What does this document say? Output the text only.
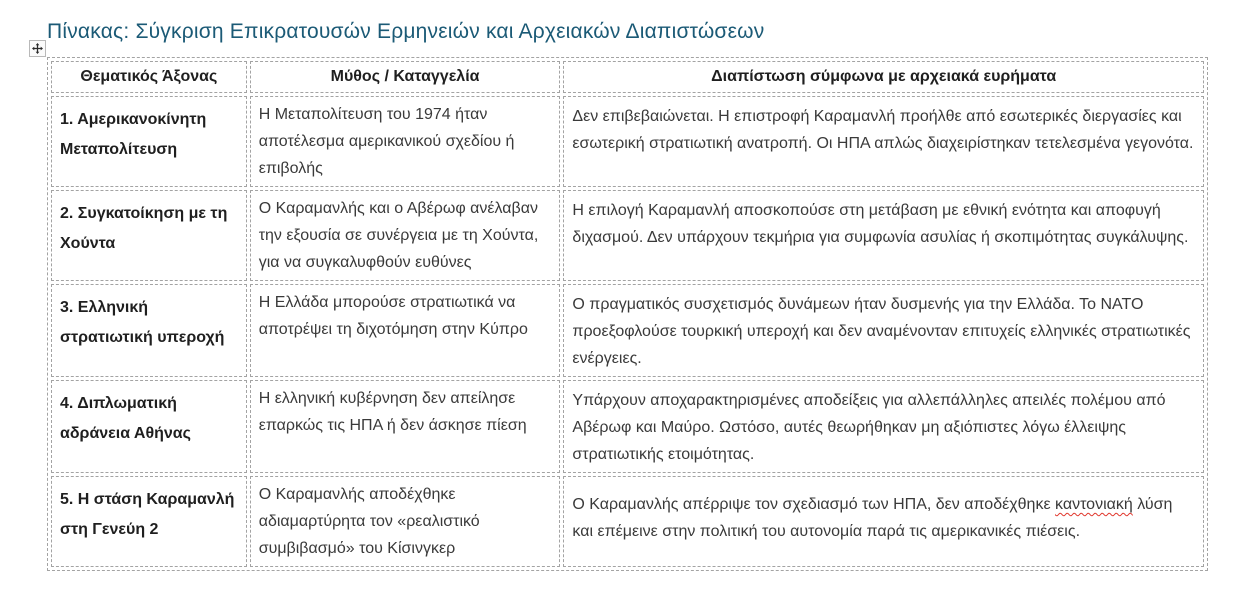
Πίνακας: Σύγκριση Επικρατουσών Ερμηνειών και Αρχειακών Διαπιστώσεων
Θεματικός Άξονας	Μύθος / Καταγγελία	Διαπίστωση σύμφωνα με αρχειακά ευρήματα
1. Αμερικανοκίνητη Μεταπολίτευση	Η Μεταπολίτευση του 1974 ήταν αποτέλεσμα αμερικανικού σχεδίου ή επιβολής	Δεν επιβεβαιώνεται. Η επιστροφή Καραμανλή προήλθε από εσωτερικές διεργασίες και εσωτερική στρατιωτική ανατροπή. Οι ΗΠΑ απλώς διαχειρίστηκαν τετελεσμένα γεγονότα.
2. Συγκατοίκηση με τη Χούντα	Ο Καραμανλής και ο Αβέρωφ ανέλαβαν την εξουσία σε συνέργεια με τη Χούντα, για να συγκαλυφθούν ευθύνες	Η επιλογή Καραμανλή αποσκοπούσε στη μετάβαση με εθνική ενότητα και αποφυγή διχασμού. Δεν υπάρχουν τεκμήρια για συμφωνία ασυλίας ή σκοπιμότητας συγκάλυψης.
3. Ελληνική στρατιωτική υπεροχή	Η Ελλάδα μπορούσε στρατιωτικά να αποτρέψει τη διχοτόμηση στην Κύπρο	Ο πραγματικός συσχετισμός δυνάμεων ήταν δυσμενής για την Ελλάδα. Το ΝΑΤΟ προεξοφλούσε τουρκική υπεροχή και δεν αναμένονταν επιτυχείς ελληνικές στρατιωτικές ενέργειες.
4. Διπλωματική αδράνεια Αθήνας	Η ελληνική κυβέρνηση δεν απείλησε επαρκώς τις ΗΠΑ ή δεν άσκησε πίεση	Υπάρχουν αποχαρακτηρισμένες αποδείξεις για αλλεπάλληλες απειλές πολέμου από Αβέρωφ και Μαύρο. Ωστόσο, αυτές θεωρήθηκαν μη αξιόπιστες λόγω έλλειψης στρατιωτικής ετοιμότητας.
5. Η στάση Καραμανλή στη Γενεύη 2	Ο Καραμανλής αποδέχθηκε αδιαμαρτύρητα τον «ρεαλιστικό συμβιβασμό» του Κίσινγκερ	Ο Καραμανλής απέρριψε τον σχεδιασμό των ΗΠΑ, δεν αποδέχθηκε καντονιακή λύση και επέμεινε στην πολιτική του αυτονομία παρά τις αμερικανικές πιέσεις.
